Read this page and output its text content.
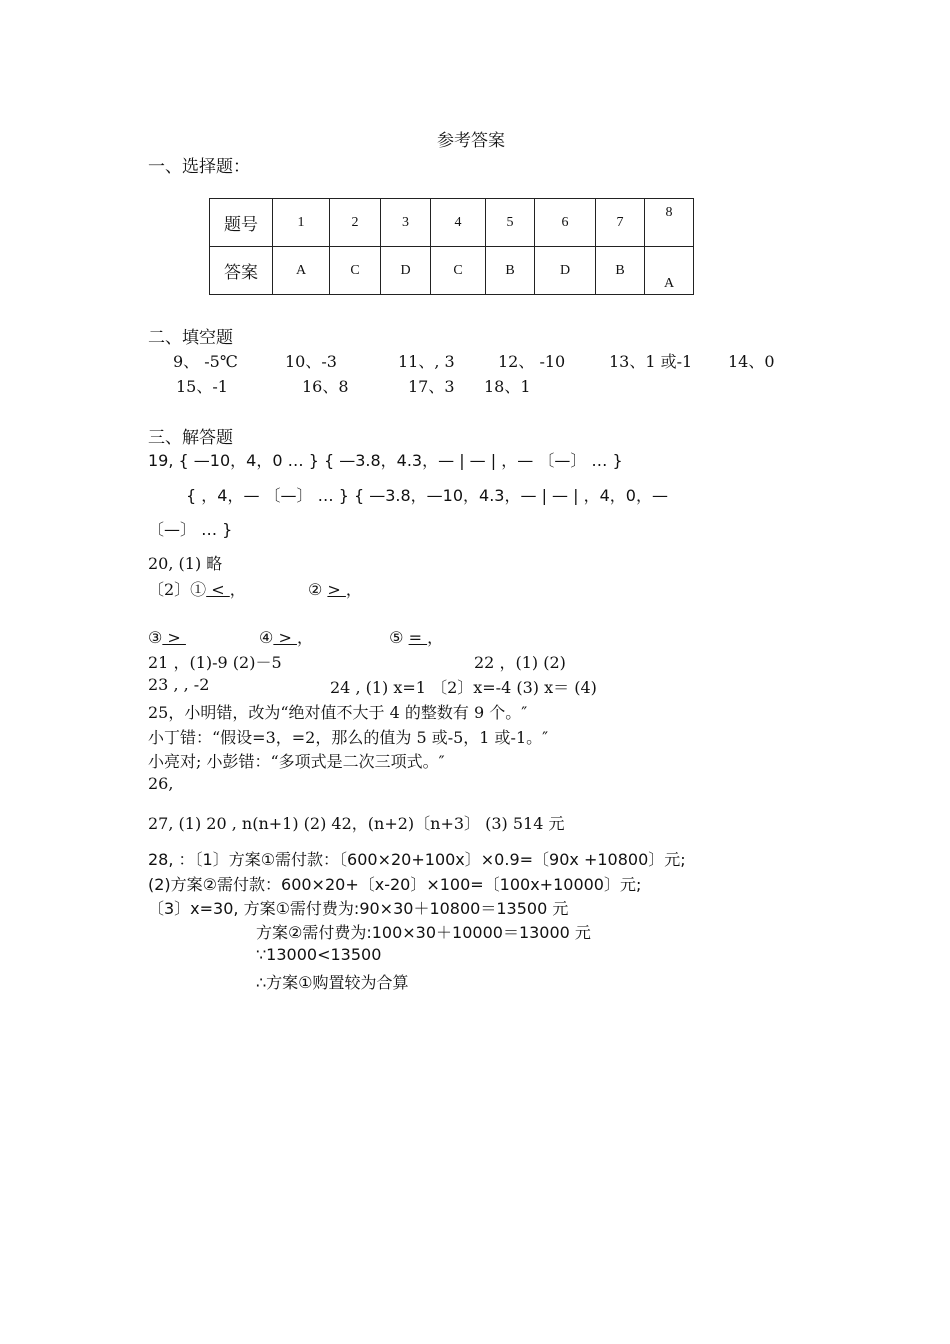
参考答案
一、选择题：
题号	1	2	3	4	5	6	7	8

答案	A	C	D	C	B	D	B	A
二、填空题
9、 -5℃	10、-3	11、, 3	12、 -10	13、1 或-1 14、0
15、-1	16、8	17、3 18、1
三、解答题
19, { —10，4，0 … } { —3.8，4.3，— | — | ，— 〔—〕 … }
{ ，4，— 〔—〕 … } { —3.8，—10，4.3，— | — | ，4，0，—
〔—〕 … }
20, (1) 略
〔2〕① < ，	② > ，
③ >	④ > ，	⑤ = ，
21 ，(1)-9 (2)－5	22 ，(1) (2)
23 , , -2	24 , (1) x=1 〔2〕x=-4 (3) x＝ (4)
25，小明错，改为“绝对值不大于 4 的整数有 9 个。″
小丁错：“假设=3，=2，那么的值为 5 或-5，1 或-1。″
小亮对; 小彭错：“多项式是二次三项式。″
26,
27, (1) 20 , n(n+1) (2) 42，(n+2)〔n+3〕 (3) 514 元
28, ：〔1〕方案①需付款：〔600×20+100x〕×0.9=〔90x +10800〕元;
(2)方案②需付款：600×20+〔x-20〕×100=〔100x+10000〕元;
〔3〕x=30, 方案①需付费为:90×30＋10800＝13500 元
方案②需付费为:100×30＋10000＝13000 元
∵13000<13500
∴方案①购置较为合算
